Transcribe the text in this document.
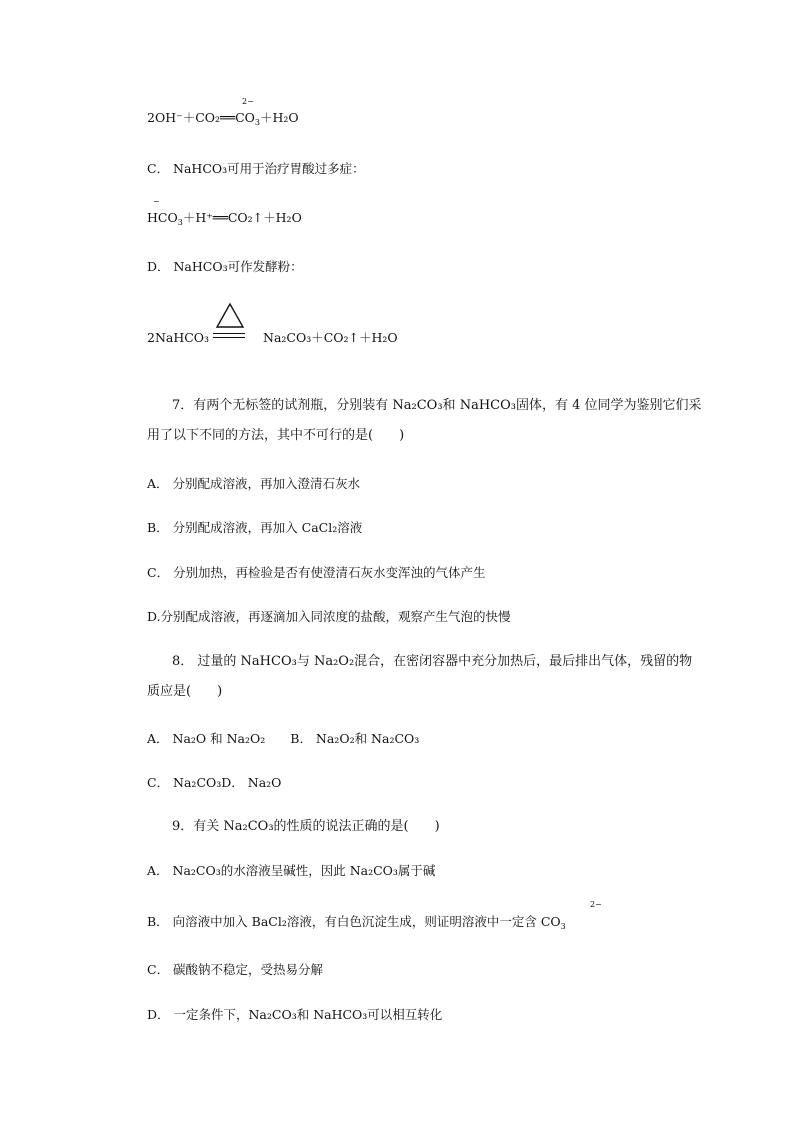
$2OH^-+CO_2══CO_3+H_2O$
2−
C． NaHCO₃可用于治疗胃酸过多症：
−
$HCO_3+H^+══CO_2↑+H_2O$
D． NaHCO₃可作发酵粉：
2NaHCO₃	Na₂CO₃＋CO₂↑＋H₂O
7．有两个无标签的试剂瓶，分别装有 Na₂CO₃和 NaHCO₃固体，有 4 位同学为鉴别它们采
用了以下不同的方法，其中不可行的是(　　)
A． 分别配成溶液，再加入澄清石灰水
B． 分别配成溶液，再加入 CaCl₂溶液
C． 分别加热，再检验是否有使澄清石灰水变浑浊的气体产生
D.分别配成溶液，再逐滴加入同浓度的盐酸，观察产生气泡的快慢
8． 过量的 NaHCO₃与 Na₂O₂混合，在密闭容器中充分加热后，最后排出气体，残留的物
质应是(　　)
A． Na₂O 和 Na₂O₂　　B． Na₂O₂和 Na₂CO₃
C． Na₂CO₃D． Na₂O
9．有关 Na₂CO₃的性质的说法正确的是(　　)
A． Na₂CO₃的水溶液呈碱性，因此 Na₂CO₃属于碱
B． 向溶液中加入 BaCl₂溶液，有白色沉淀生成，则证明溶液中一定含 $CO_3$
2−
C． 碳酸钠不稳定，受热易分解
D． 一定条件下，Na₂CO₃和 NaHCO₃可以相互转化
